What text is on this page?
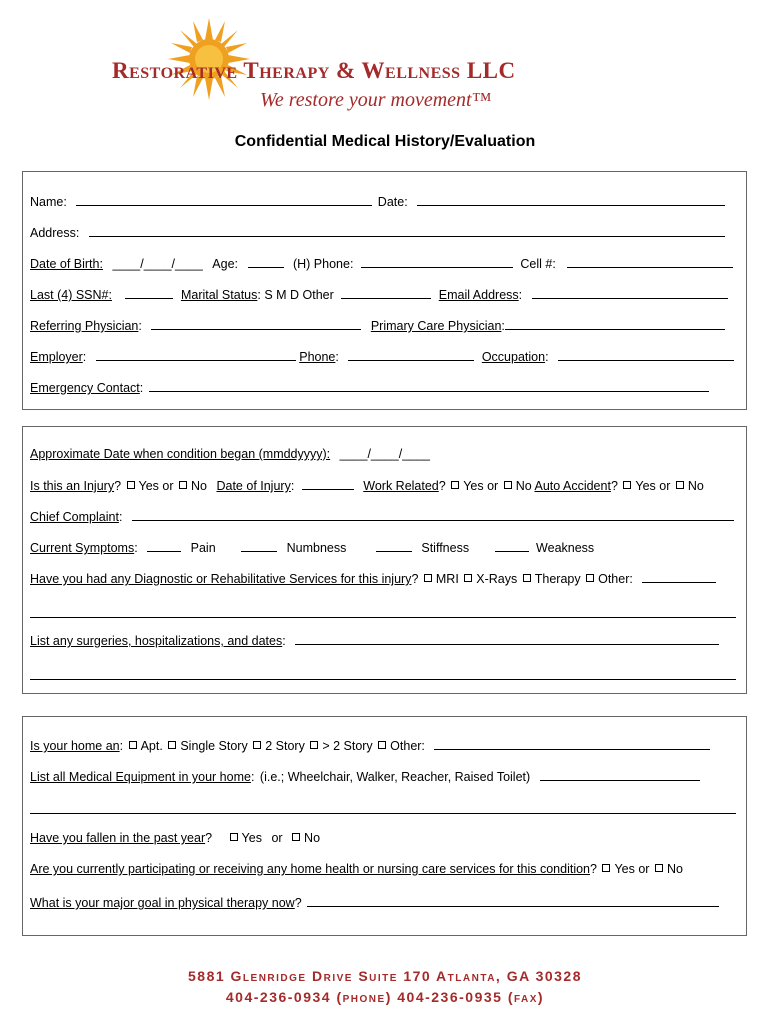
Restorative Therapy & Wellness LLC
We restore your movement™
Confidential Medical History/Evaluation
Name:	Date:
Address:
Date of Birth: ____/____/____ Age:	(H) Phone:	Cell #:
Last (4) SSN#:	Marital Status: S M D Other	Email Address:
Referring Physician:	Primary Care Physician:
Employer:	Phone:	Occupation:
Emergency Contact:
Approximate Date when condition began (mmddyyyy): ____/____/____
Is this an Injury? Yes or No Date of Injury:	Work Related? Yes or No Auto Accident? Yes or No
Chief Complaint:
Current Symptoms:	Pain	Numbness	Stiffness	Weakness
Have you had any Diagnostic or Rehabilitative Services for this injury? MRI X-Rays Therapy Other:
List any surgeries, hospitalizations, and dates:
Is your home an: Apt. Single Story 2 Story > 2 Story Other:
List all Medical Equipment in your home: (i.e.; Wheelchair, Walker, Reacher, Raised Toilet)
Have you fallen in the past year? Yes or No
Are you currently participating or receiving any home health or nursing care services for this condition? Yes or No
What is your major goal in physical therapy now?
5881 Glenridge Drive Suite 170 Atlanta, GA 30328
404-236-0934 (phone) 404-236-0935 (fax)
